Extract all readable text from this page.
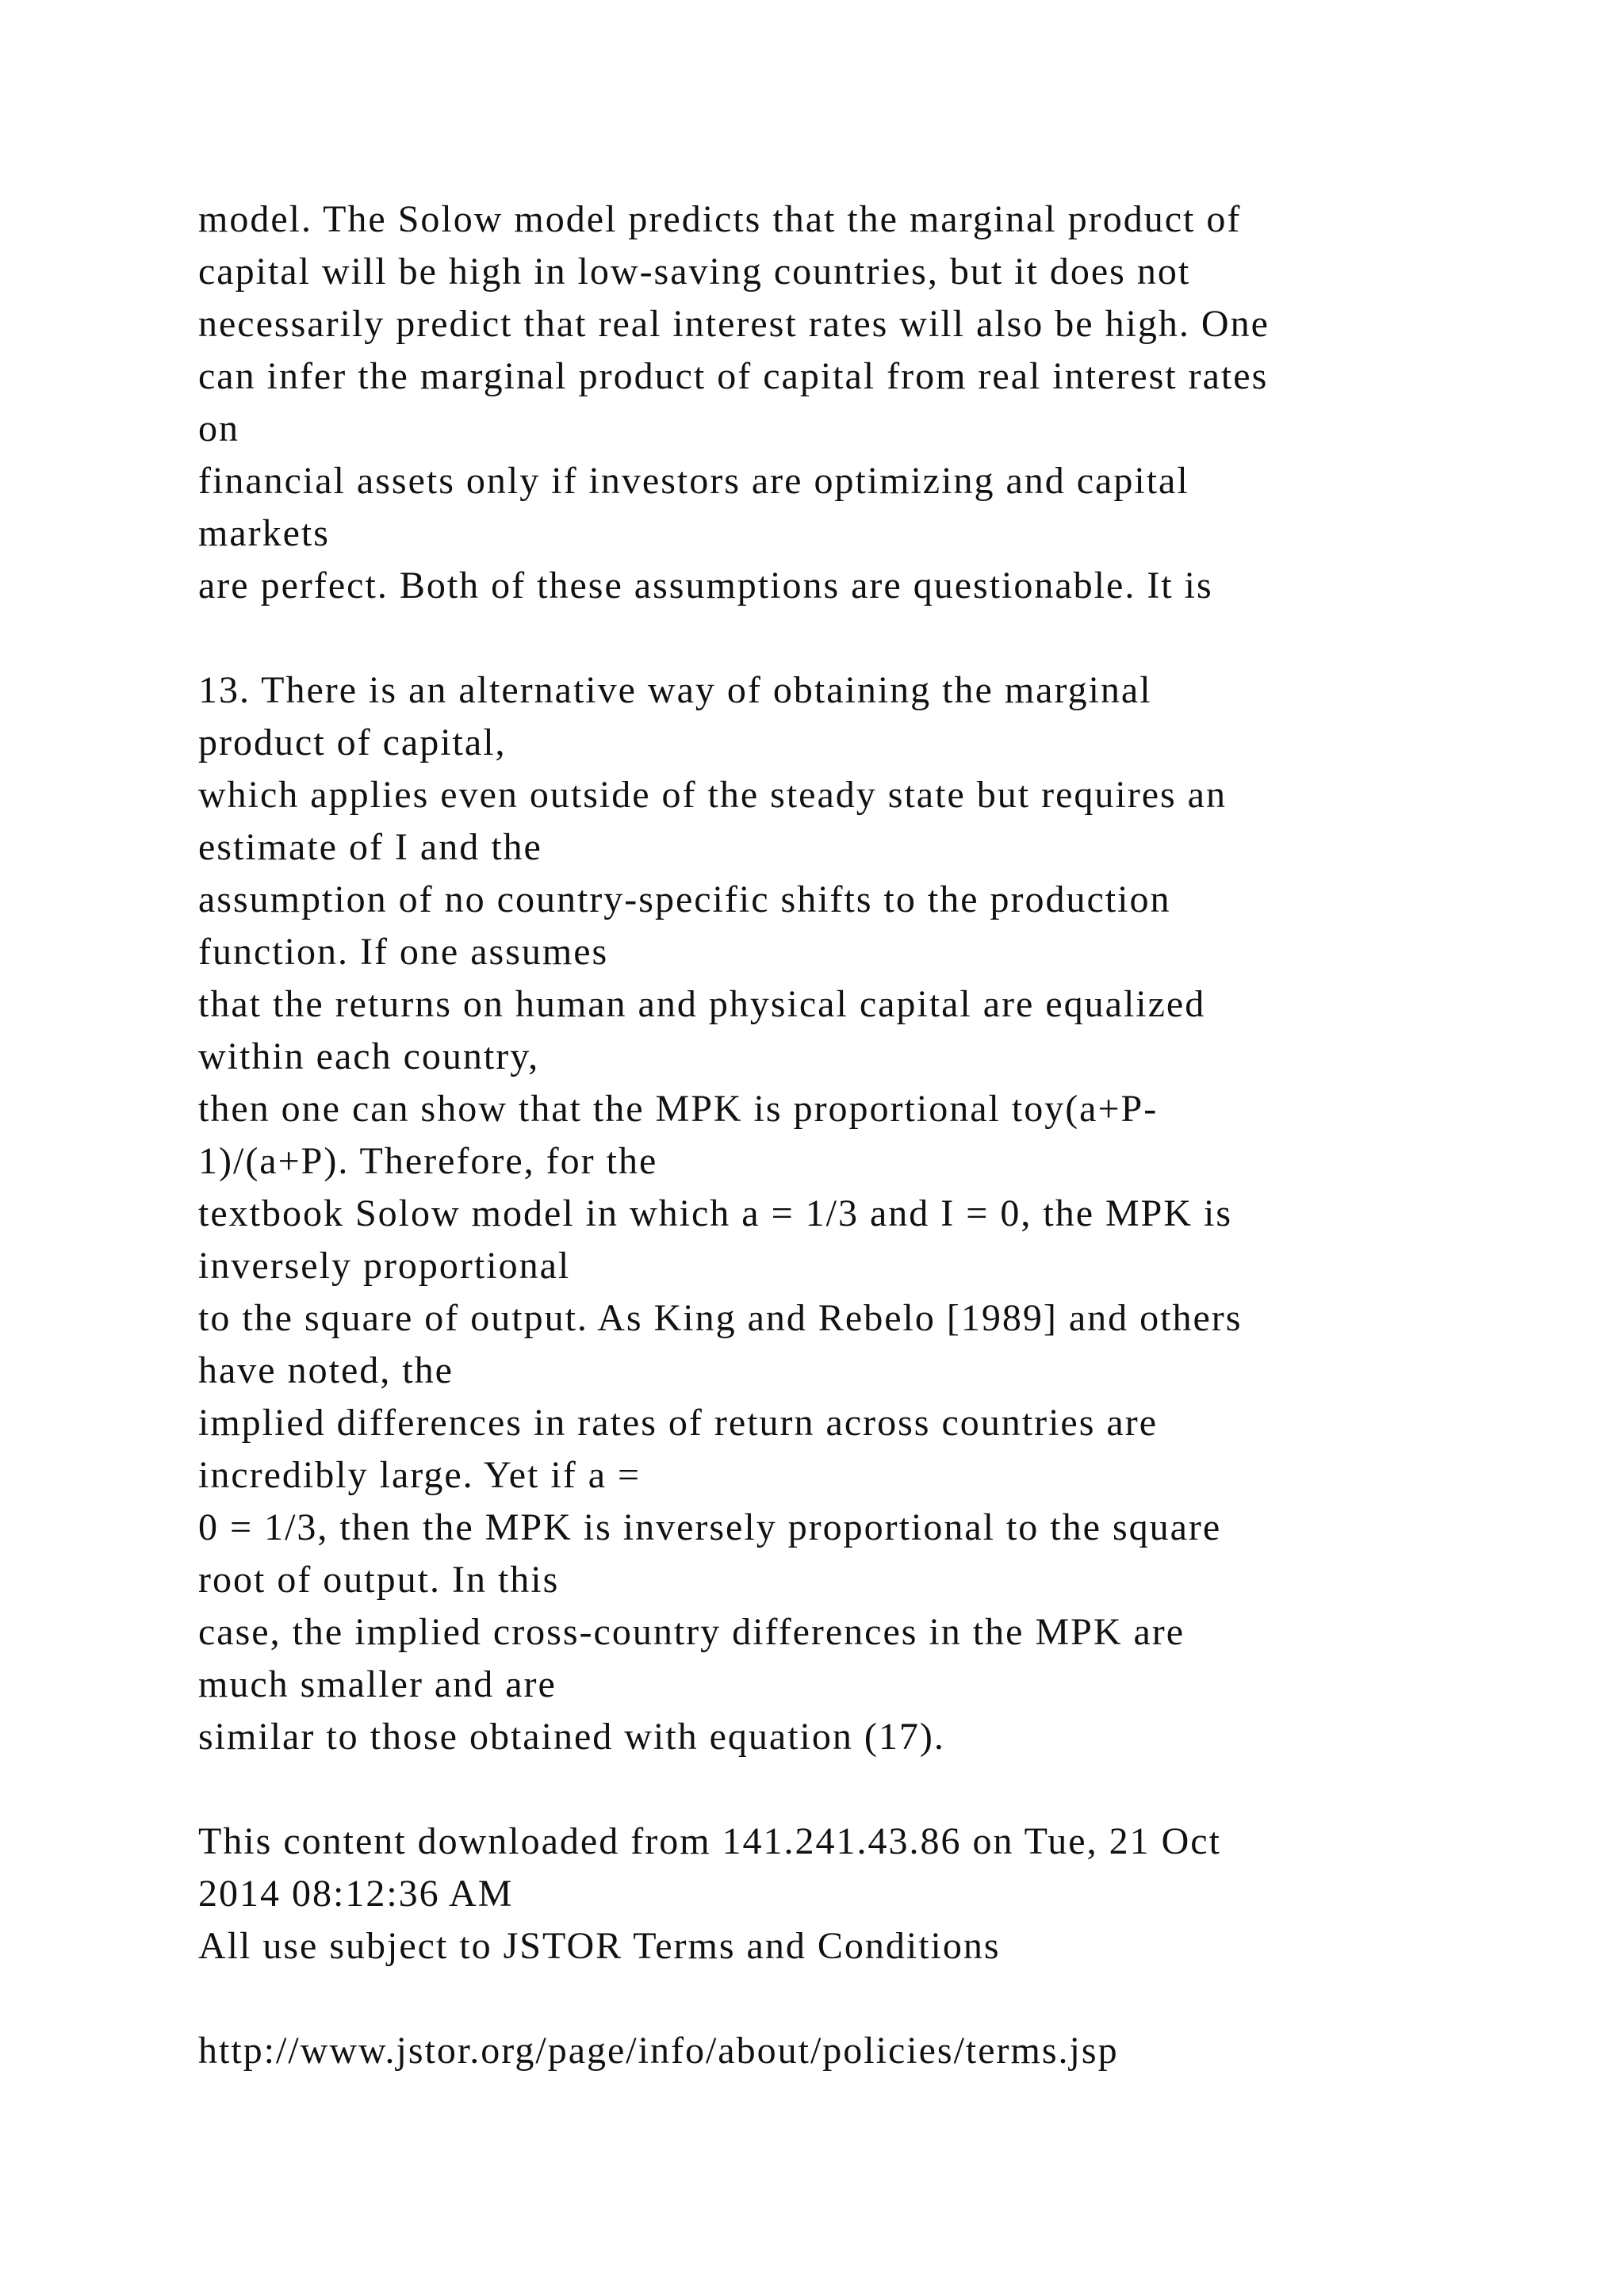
model. The Solow model predicts that the marginal product of
capital will be high in low-saving countries, but it does not
necessarily predict that real interest rates will also be high. One
can infer the marginal product of capital from real interest rates
on
financial assets only if investors are optimizing and capital
markets
are perfect. Both of these assumptions are questionable. It is
13. There is an alternative way of obtaining the marginal
product of capital,
which applies even outside of the steady state but requires an
estimate of I and the
assumption of no country-specific shifts to the production
function. If one assumes
that the returns on human and physical capital are equalized
within each country,
then one can show that the MPK is proportional toy(a+P-
1)/(a+P). Therefore, for the
textbook Solow model in which a = 1/3 and I = 0, the MPK is
inversely proportional
to the square of output. As King and Rebelo [1989] and others
have noted, the
implied differences in rates of return across countries are
incredibly large. Yet if a =
0 = 1/3, then the MPK is inversely proportional to the square
root of output. In this
case, the implied cross-country differences in the MPK are
much smaller and are
similar to those obtained with equation (17).
This content downloaded from 141.241.43.86 on Tue, 21 Oct
2014 08:12:36 AM
All use subject to JSTOR Terms and Conditions
http://www.jstor.org/page/info/about/policies/terms.jsp
